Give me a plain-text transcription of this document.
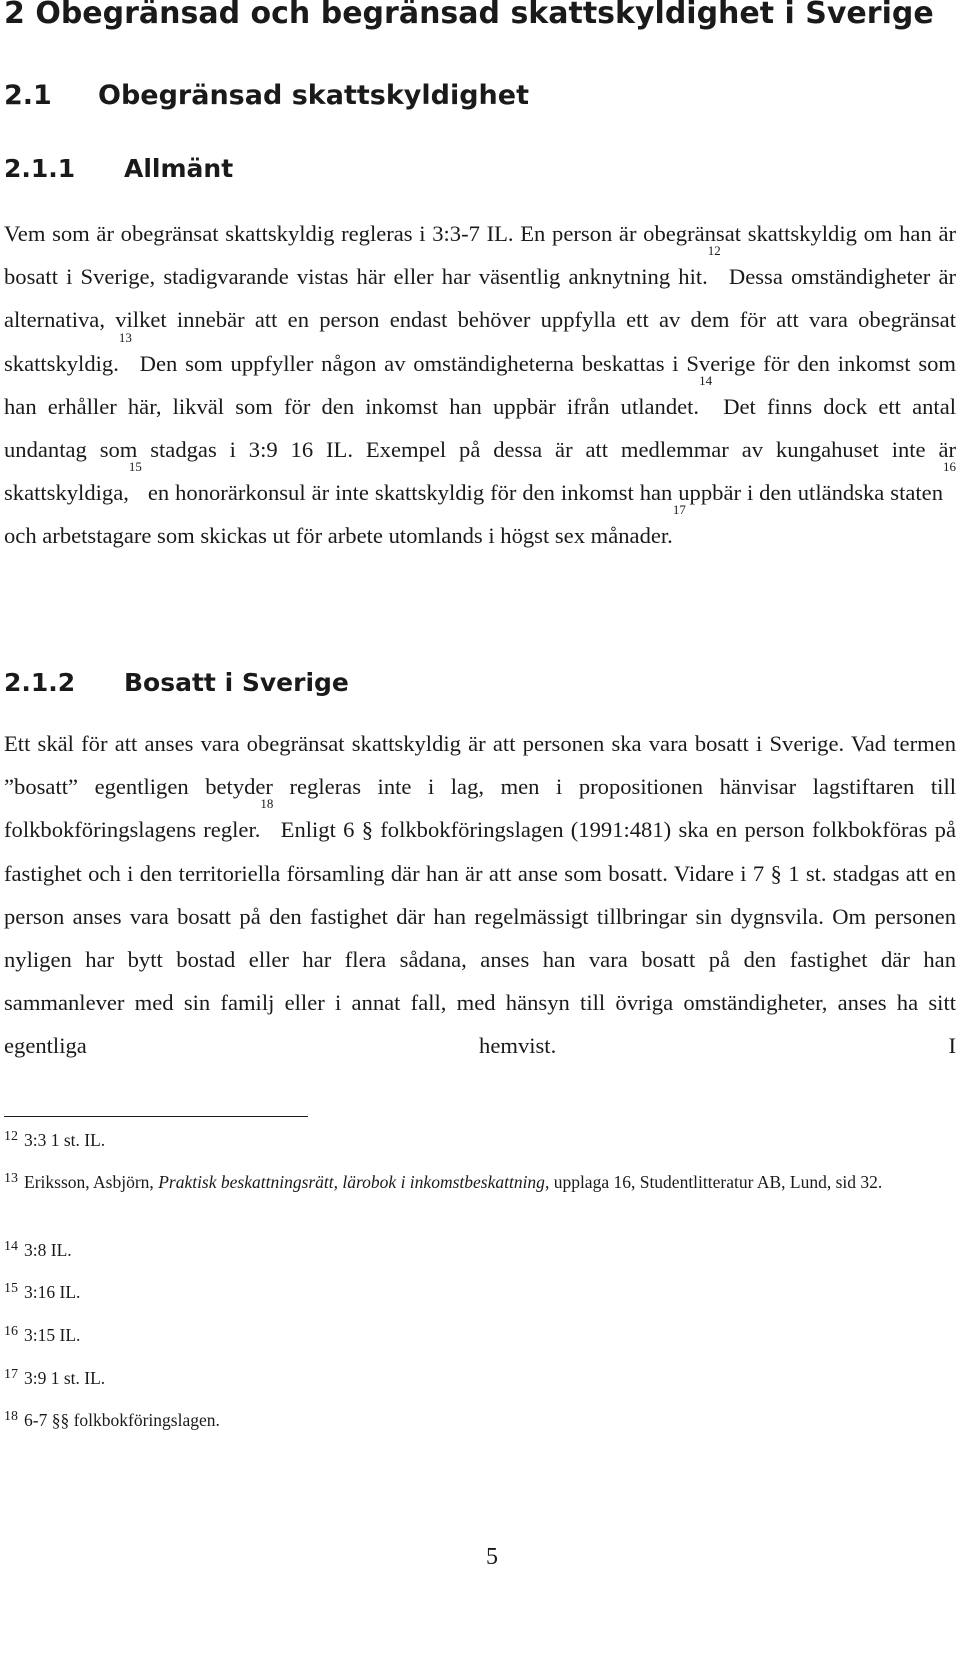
2 Obegränsad och begränsad skattskyldighet i Sverige
2.1 Obegränsad skattskyldighet
2.1.1 Allmänt

Vem som är obegränsat skattskyldig regleras i 3:3-7 IL. En person är obegränsat skattskyldig om han är bosatt i Sverige, stadigvarande vistas här eller har väsentlig anknytning hit.$^{12}$ Dessa omständigheter är alternativa, vilket innebär att en person endast behöver uppfylla ett av dem för att vara obegränsat skattskyldig.$^{13}$ Den som uppfyller någon av omständigheterna beskattas i Sverige för den inkomst som han erhåller här, likväl som för den inkomst han uppbär ifrån utlandet.$^{14}$ Det finns dock ett antal undantag som stadgas i 3:9 16 IL. Exempel på dessa är att medlemmar av kungahuset inte är skattskyldiga,$^{15}$ en honorärkonsul är inte skattskyldig för den inkomst han uppbär i den utländska staten$^{16}$ och arbetstagare som skickas ut för arbete utomlands i högst sex månader.$^{17}$

2.1.2 Bosatt i Sverige

Ett skäl för att anses vara obegränsat skattskyldig är att personen ska vara bosatt i Sverige. Vad termen ”bosatt” egentligen betyder regleras inte i lag, men i propositionen hänvisar lagstiftaren till folkbokföringslagens regler.$^{18}$ Enligt 6 § folkbokföringslagen (1991:481) ska en person folkbokföras på fastighet och i den territoriella församling där han är att anse som bosatt. Vidare i 7 § 1 st. stadgas att en person anses vara bosatt på den fastighet där han regelmässigt tillbringar sin dygnsvila. Om personen nyligen har bytt bostad eller har flera sådana, anses han vara bosatt på den fastighet där han sammanlever med sin familj eller i annat fall, med hänsyn till övriga omständigheter, anses ha sitt egentliga hemvist. I

12 3:3 1 st. IL.
13 Eriksson, Asbjörn, Praktisk beskattningsrätt, lärobok i inkomstbeskattning, upplaga 16, Studentlitteratur AB, Lund, sid 32.
14 3:8 IL.
15 3:16 IL.
16 3:15 IL.
17 3:9 1 st. IL.
18 6-7 §§ folkbokföringslagen.
5
